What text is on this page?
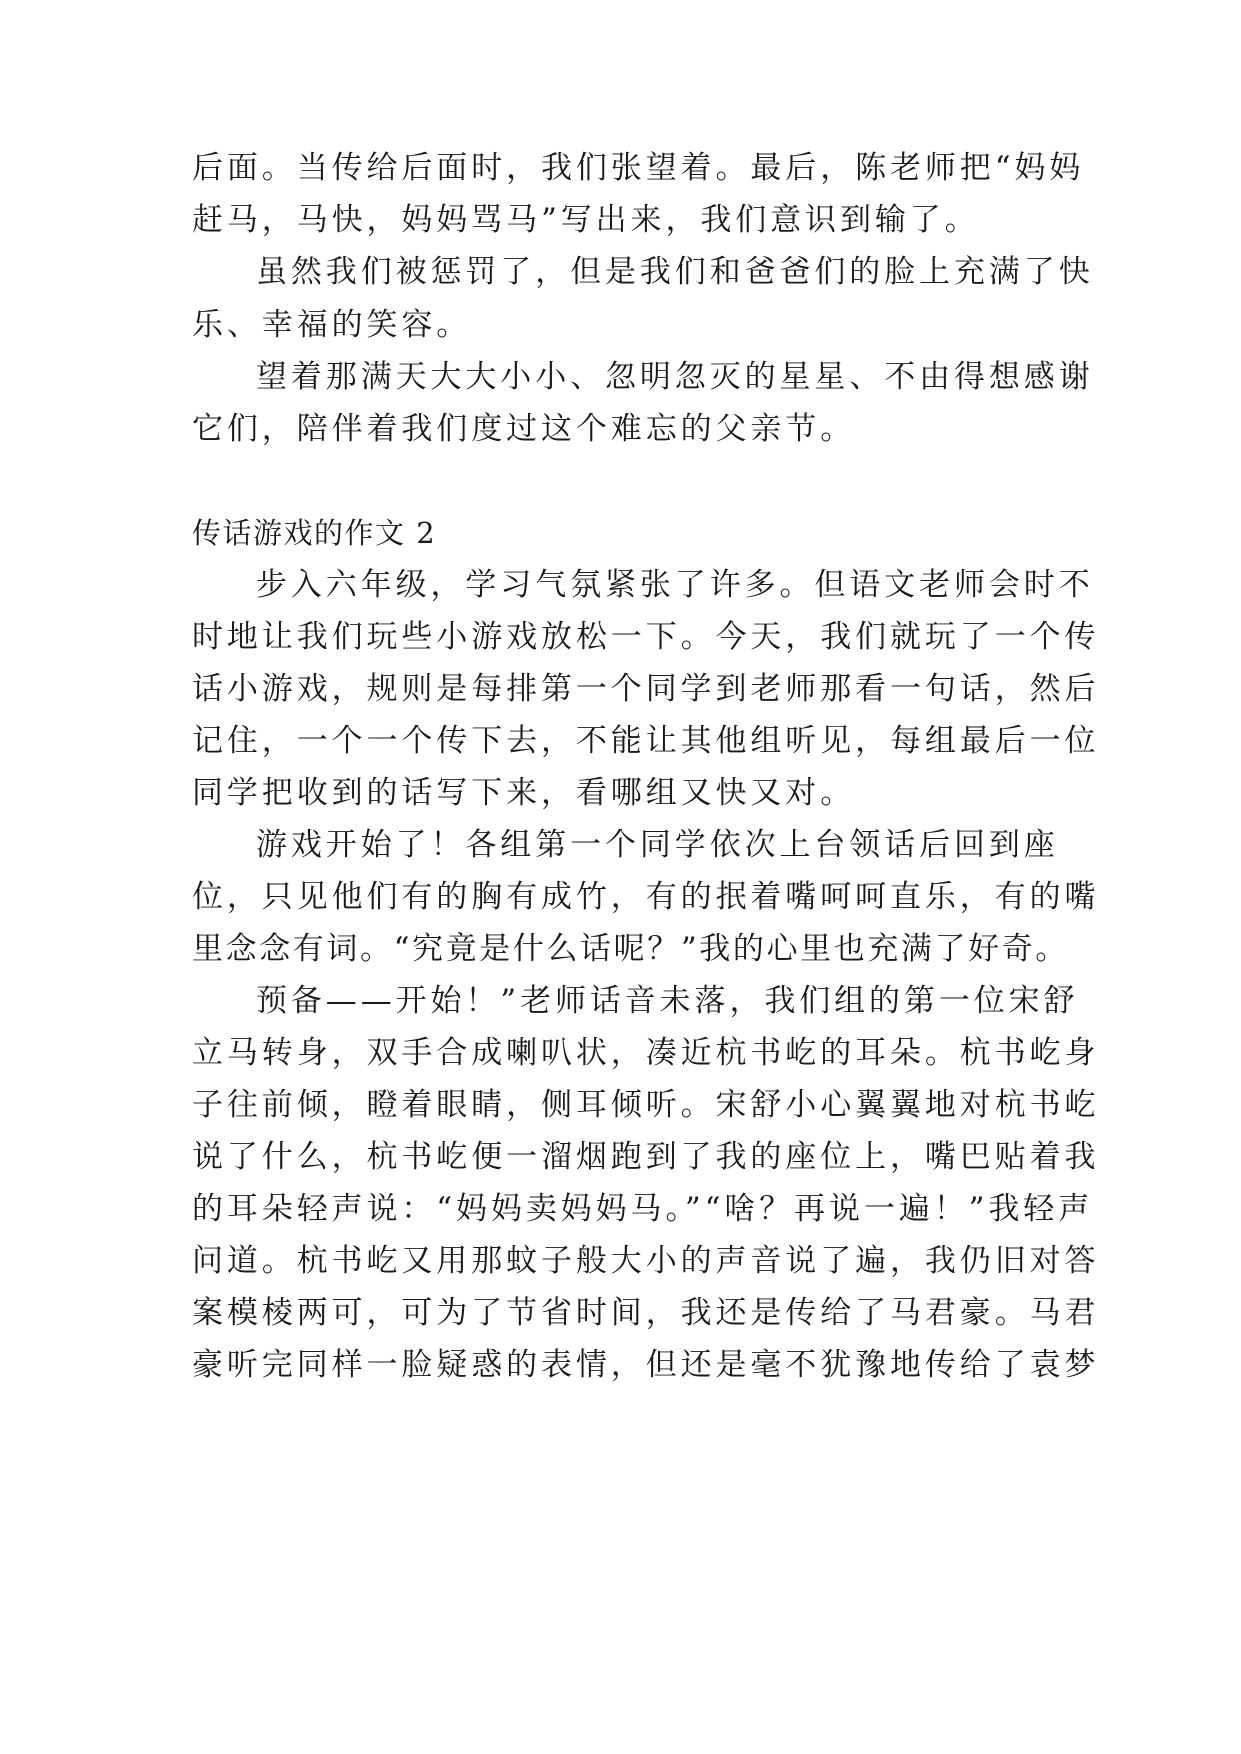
后面。当传给后面时，我们张望着。最后，陈老师把“妈妈
赶马，马快，妈妈骂马”写出来，我们意识到输了。
虽然我们被惩罚了，但是我们和爸爸们的脸上充满了快
乐、幸福的笑容。
望着那满天大大小小、忽明忽灭的星星、不由得想感谢
它们，陪伴着我们度过这个难忘的父亲节。
传话游戏的作文 2
步入六年级，学习气氛紧张了许多。但语文老师会时不
时地让我们玩些小游戏放松一下。今天，我们就玩了一个传
话小游戏，规则是每排第一个同学到老师那看一句话，然后
记住，一个一个传下去，不能让其他组听见，每组最后一位
同学把收到的话写下来，看哪组又快又对。
游戏开始了！各组第一个同学依次上台领话后回到座
位，只见他们有的胸有成竹，有的抿着嘴呵呵直乐，有的嘴
里念念有词。“究竟是什么话呢？”我的心里也充满了好奇。
预备——开始！”老师话音未落，我们组的第一位宋舒
立马转身，双手合成喇叭状，凑近杭书屹的耳朵。杭书屹身
子往前倾，瞪着眼睛，侧耳倾听。宋舒小心翼翼地对杭书屹
说了什么，杭书屹便一溜烟跑到了我的座位上，嘴巴贴着我
的耳朵轻声说：“妈妈卖妈妈马。”“啥？再说一遍！”我轻声
问道。杭书屹又用那蚊子般大小的声音说了遍，我仍旧对答
案模棱两可，可为了节省时间，我还是传给了马君豪。马君
豪听完同样一脸疑惑的表情，但还是毫不犹豫地传给了袁梦
